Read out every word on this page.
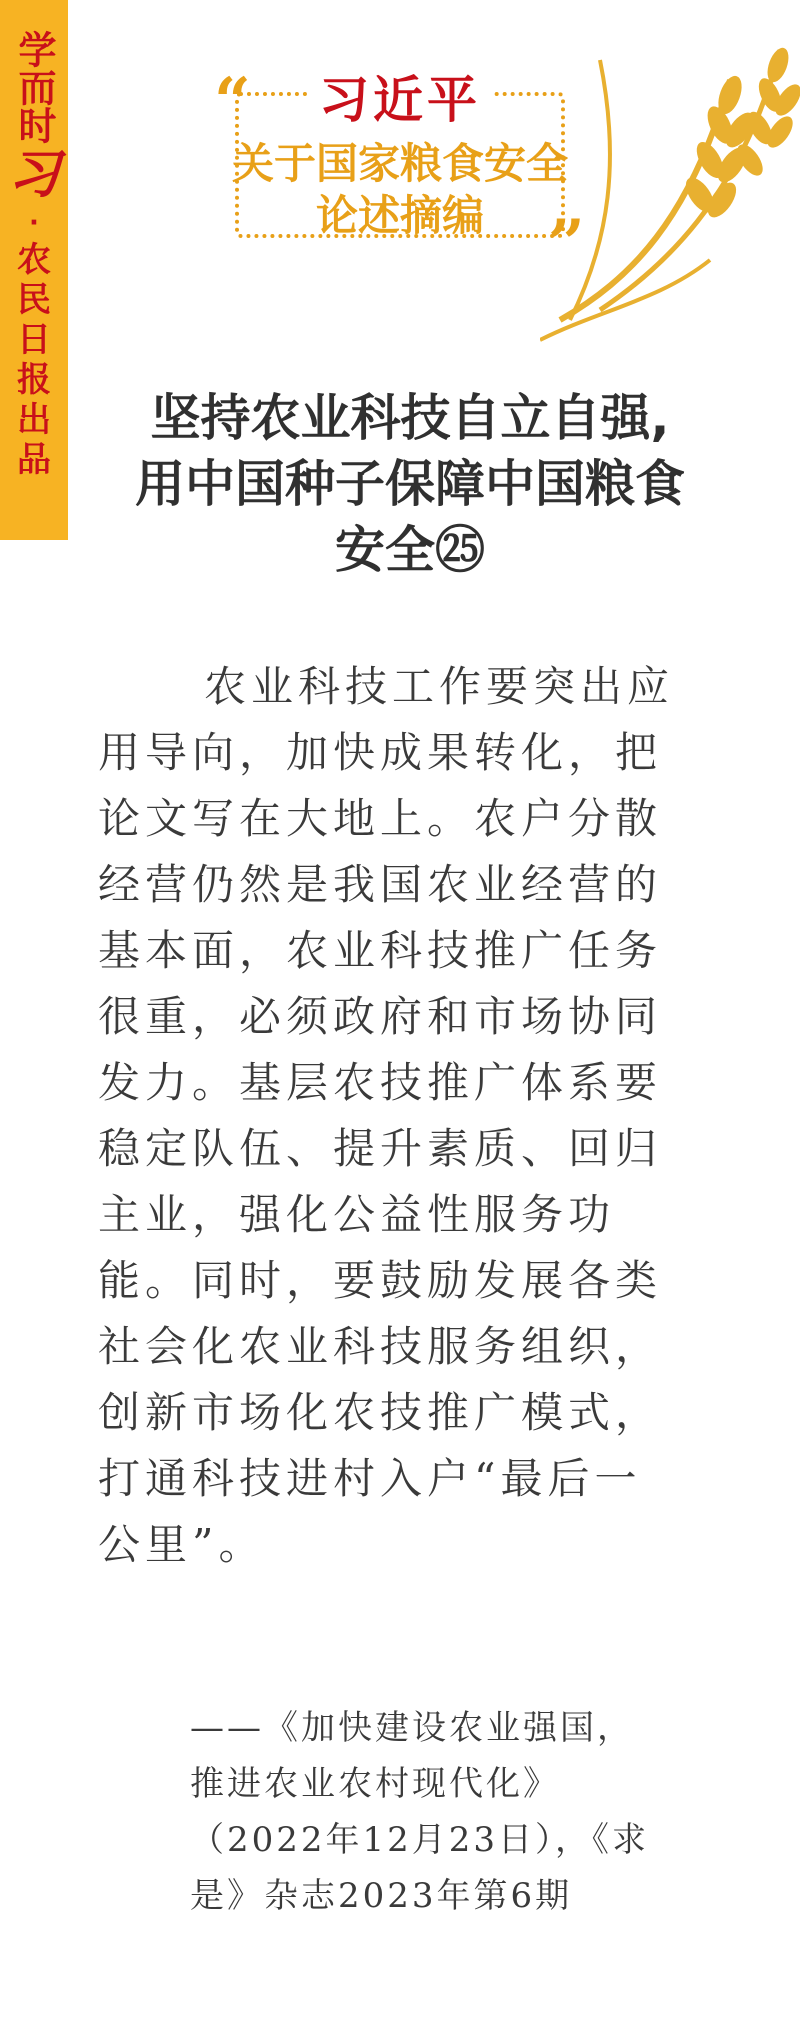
学而时
习
·
农
民
日
报
出
品
“
”
习近平
关于国家粮食安全
论述摘编
坚持农业科技自立自强,
用中国种子保障中国粮食
安全㉕
农业科技工作要突出应
用导向，加快成果转化，把
论文写在大地上。农户分散
经营仍然是我国农业经营的
基本面，农业科技推广任务
很重，必须政府和市场协同
发力。基层农技推广体系要
稳定队伍、提升素质、回归
主业，强化公益性服务功
能。同时，要鼓励发展各类
社会化农业科技服务组织，
创新市场化农技推广模式，
打通科技进村入户“最后一
公里”。
——《加快建设农业强国，
推进农业农村现代化》
（2022年12月23日），《求
是》杂志2023年第6期
